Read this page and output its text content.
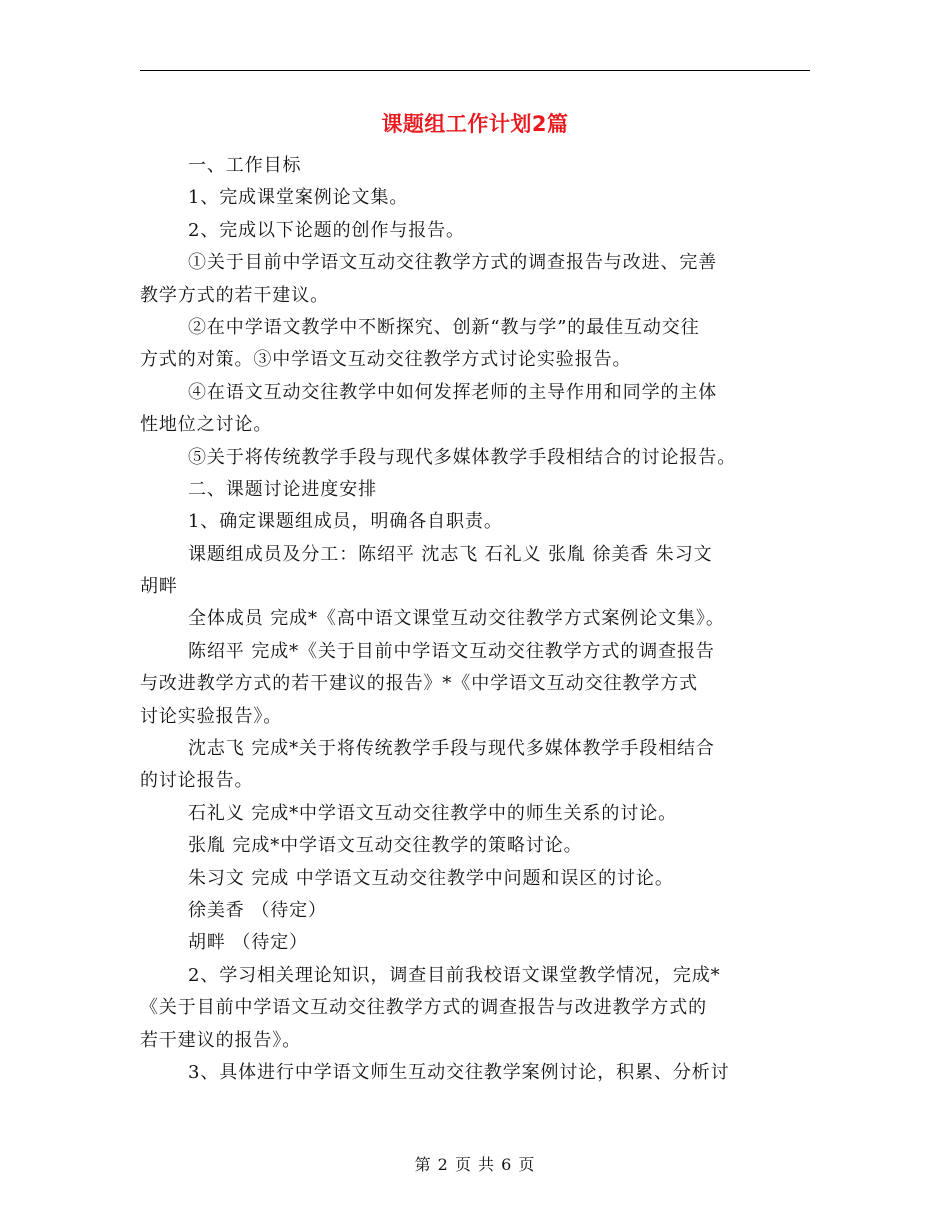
课题组工作计划2篇
一、工作目标
1、完成课堂案例论文集。
2、完成以下论题的创作与报告。
①关于目前中学语文互动交往教学方式的调查报告与改进、完善
教学方式的若干建议。
②在中学语文教学中不断探究、创新“教与学”的最佳互动交往
方式的对策。③中学语文互动交往教学方式讨论实验报告。
④在语文互动交往教学中如何发挥老师的主导作用和同学的主体
性地位之讨论。
⑤关于将传统教学手段与现代多媒体教学手段相结合的讨论报告。
二、课题讨论进度安排
1、确定课题组成员，明确各自职责。
课题组成员及分工：陈绍平 沈志飞 石礼义 张胤 徐美香 朱习文
胡畔
全体成员 完成*《高中语文课堂互动交往教学方式案例论文集》。
陈绍平 完成*《关于目前中学语文互动交往教学方式的调查报告
与改进教学方式的若干建议的报告》*《中学语文互动交往教学方式
讨论实验报告》。
沈志飞 完成*关于将传统教学手段与现代多媒体教学手段相结合
的讨论报告。
石礼义 完成*中学语文互动交往教学中的师生关系的讨论。
张胤 完成*中学语文互动交往教学的策略讨论。
朱习文 完成 中学语文互动交往教学中问题和误区的讨论。
徐美香 （待定）
胡畔 （待定）
2、学习相关理论知识，调查目前我校语文课堂教学情况，完成*
《关于目前中学语文互动交往教学方式的调查报告与改进教学方式的
若干建议的报告》。
3、具体进行中学语文师生互动交往教学案例讨论，积累、分析讨
第 2 页 共 6 页
